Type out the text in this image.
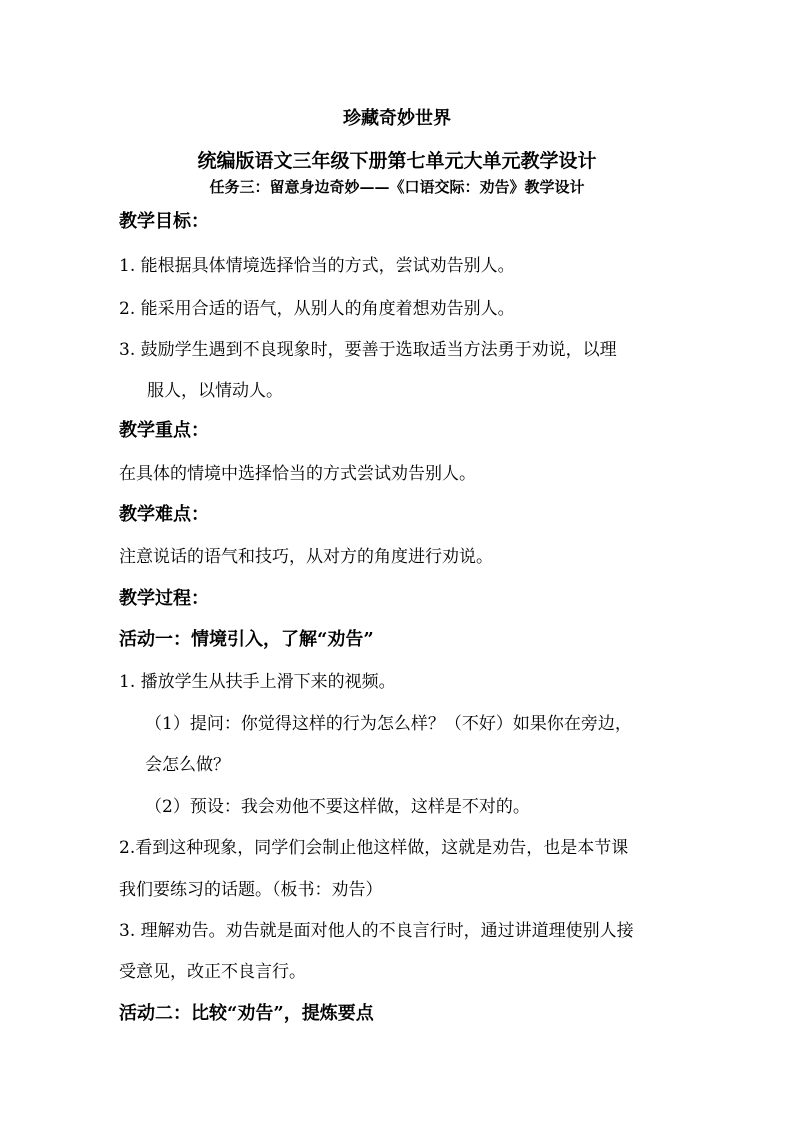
珍藏奇妙世界
统编版语文三年级下册第七单元大单元教学设计
任务三：留意身边奇妙——《口语交际：劝告》教学设计
教学目标：
1. 能根据具体情境选择恰当的方式，尝试劝告别人。
2. 能采用合适的语气，从别人的角度着想劝告别人。
3. 鼓励学生遇到不良现象时，要善于选取适当方法勇于劝说，以理
服人，以情动人。
教学重点：
在具体的情境中选择恰当的方式尝试劝告别人。
教学难点：
注意说话的语气和技巧，从对方的角度进行劝说。
教学过程：
活动一：情境引入，了解“劝告”
1. 播放学生从扶手上滑下来的视频。
（1）提问：你觉得这样的行为怎么样？（不好）如果你在旁边，
会怎么做？
（2）预设：我会劝他不要这样做，这样是不对的。
2.看到这种现象，同学们会制止他这样做，这就是劝告，也是本节课
我们要练习的话题。（板书：劝告）
3. 理解劝告。劝告就是面对他人的不良言行时，通过讲道理使别人接
受意见，改正不良言行。
活动二：比较“劝告”，提炼要点
